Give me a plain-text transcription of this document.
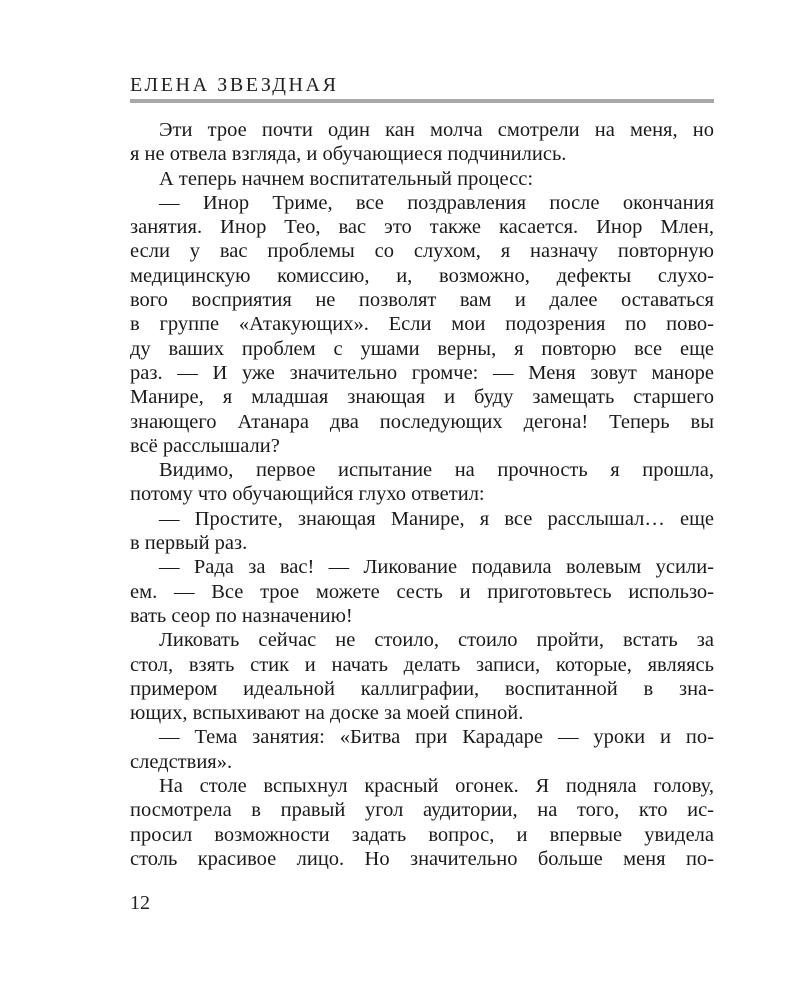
ЕЛЕНА ЗВЕЗДНАЯ
Эти трое почти один кан молча смотрели на меня, но
я не отвела взгляда, и обучающиеся подчинились.
А теперь начнем воспитательный процесс:
— Инор Триме, все поздравления после окончания
занятия. Инор Тео, вас это также касается. Инор Млен,
если у вас проблемы со слухом, я назначу повторную
медицинскую комиссию, и, возможно, дефекты слухо-
вого восприятия не позволят вам и далее оставаться
в группе «Атакующих». Если мои подозрения по пово-
ду ваших проблем с ушами верны, я повторю все еще
раз. — И уже значительно громче: — Меня зовут маноре
Манире, я младшая знающая и буду замещать старшего
знающего Атанара два последующих дегона! Теперь вы
всё расслышали?
Видимо, первое испытание на прочность я прошла,
потому что обучающийся глухо ответил:
— Простите, знающая Манире, я все расслышал… еще
в первый раз.
— Рада за вас! — Ликование подавила волевым усили-
ем. — Все трое можете сесть и приготовьтесь использо-
вать сеор по назначению!
Ликовать сейчас не стоило, стоило пройти, встать за
стол, взять стик и начать делать записи, которые, являясь
примером идеальной каллиграфии, воспитанной в зна-
ющих, вспыхивают на доске за моей спиной.
— Тема занятия: «Битва при Карадаре — уроки и по-
следствия».
На столе вспыхнул красный огонек. Я подняла голову,
посмотрела в правый угол аудитории, на того, кто ис-
просил возможности задать вопрос, и впервые увидела
столь красивое лицо. Но значительно больше меня по-
12
